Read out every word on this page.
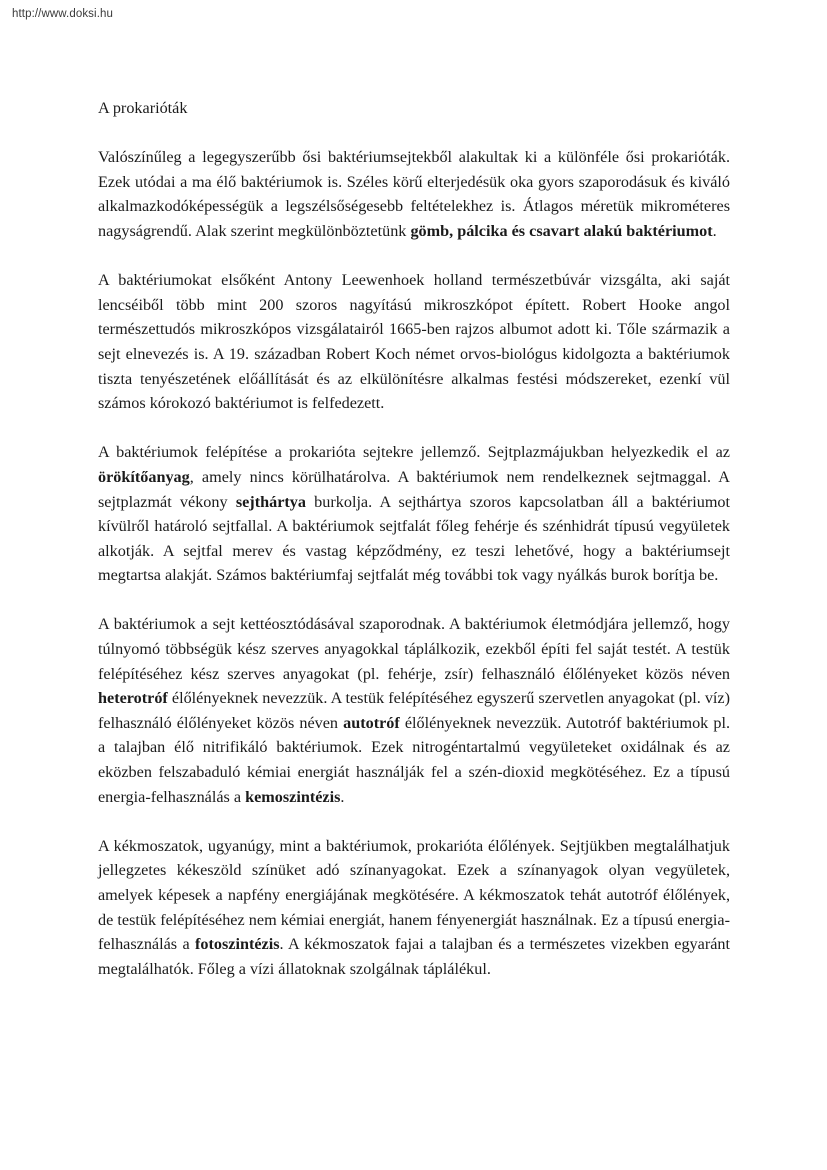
http://www.doksi.hu
A prokarióták

Valószínűleg a legegyszerűbb ősi baktériumsejtekből alakultak ki a különféle ősi prokarióták. Ezek utódai a ma élő baktériumok is. Széles körű elterjedésük oka gyors szaporodásuk és kiváló alkalmazkodóképességük a legszélsőségesebb feltételekhez is. Átlagos méretük mikrométeres nagyságrendű. Alak szerint megkülönböztetünk gömb, pálcika és csavart alakú baktériumot.

A baktériumokat elsőként Antony Leewenhoek holland természetbúvár vizsgálta, aki saját lencséiből több mint 200 szoros nagyítású mikroszkópot épített. Robert Hooke angol természettudós mikroszkópos vizsgálatairól 1665-ben rajzos albumot adott ki. Tőle származik a sejt elnevezés is. A 19. században Robert Koch német orvos-biológus kidolgozta a baktériumok tiszta tenyészetének előállítását és az elkülönítésre alkalmas festési módszereket, ezenkí vül számos kórokozó baktériumot is felfedezett.

A baktériumok felépítése a prokarióta sejtekre jellemző. Sejtplazmájukban helyezkedik el az örökítőanyag, amely nincs körülhatárolva. A baktériumok nem rendelkeznek sejtmaggal. A sejtplazmát vékony sejthártya burkolja. A sejthártya szoros kapcsolatban áll a baktériumot kívülről határoló sejtfallal. A baktériumok sejtfalát főleg fehérje és szénhidrát típusú vegyületek alkotják. A sejtfal merev és vastag képződmény, ez teszi lehetővé, hogy a baktériumsejt megtartsa alakját. Számos baktériumfaj sejtfalát még további tok vagy nyálkás burok borítja be.

A baktériumok a sejt kettéosztódásával szaporodnak. A baktériumok életmódjára jellemző, hogy túlnyomó többségük kész szerves anyagokkal táplálkozik, ezekből építi fel saját testét. A testük felépítéséhez kész szerves anyagokat (pl. fehérje, zsír) felhasználó élőlényeket közös néven heterotróf élőlényeknek nevezzük. A testük felépítéséhez egyszerű szervetlen anyagokat (pl. víz) felhasználó élőlényeket közös néven autotróf élőlényeknek nevezzük. Autotróf baktériumok pl. a talajban élő nitrifikáló baktériumok. Ezek nitrogéntartalmú vegyületeket oxidálnak és az eközben felszabaduló kémiai energiát használják fel a szén-dioxid megkötéséhez. Ez a típusú energia-felhasználás a kemoszintézis.

A kékmoszatok, ugyanúgy, mint a baktériumok, prokarióta élőlények. Sejtjükben megtalálhatjuk jellegzetes kékeszöld színüket adó színanyagokat. Ezek a színanyagok olyan vegyületek, amelyek képesek a napfény energiájának megkötésére. A kékmoszatok tehát autotróf élőlények, de testük felépítéséhez nem kémiai energiát, hanem fényenergiát használnak. Ez a típusú energia-felhasználás a fotoszintézis. A kékmoszatok fajai a talajban és a természetes vizekben egyaránt megtalálhatók. Főleg a vízi állatoknak szolgálnak táplálékul.
